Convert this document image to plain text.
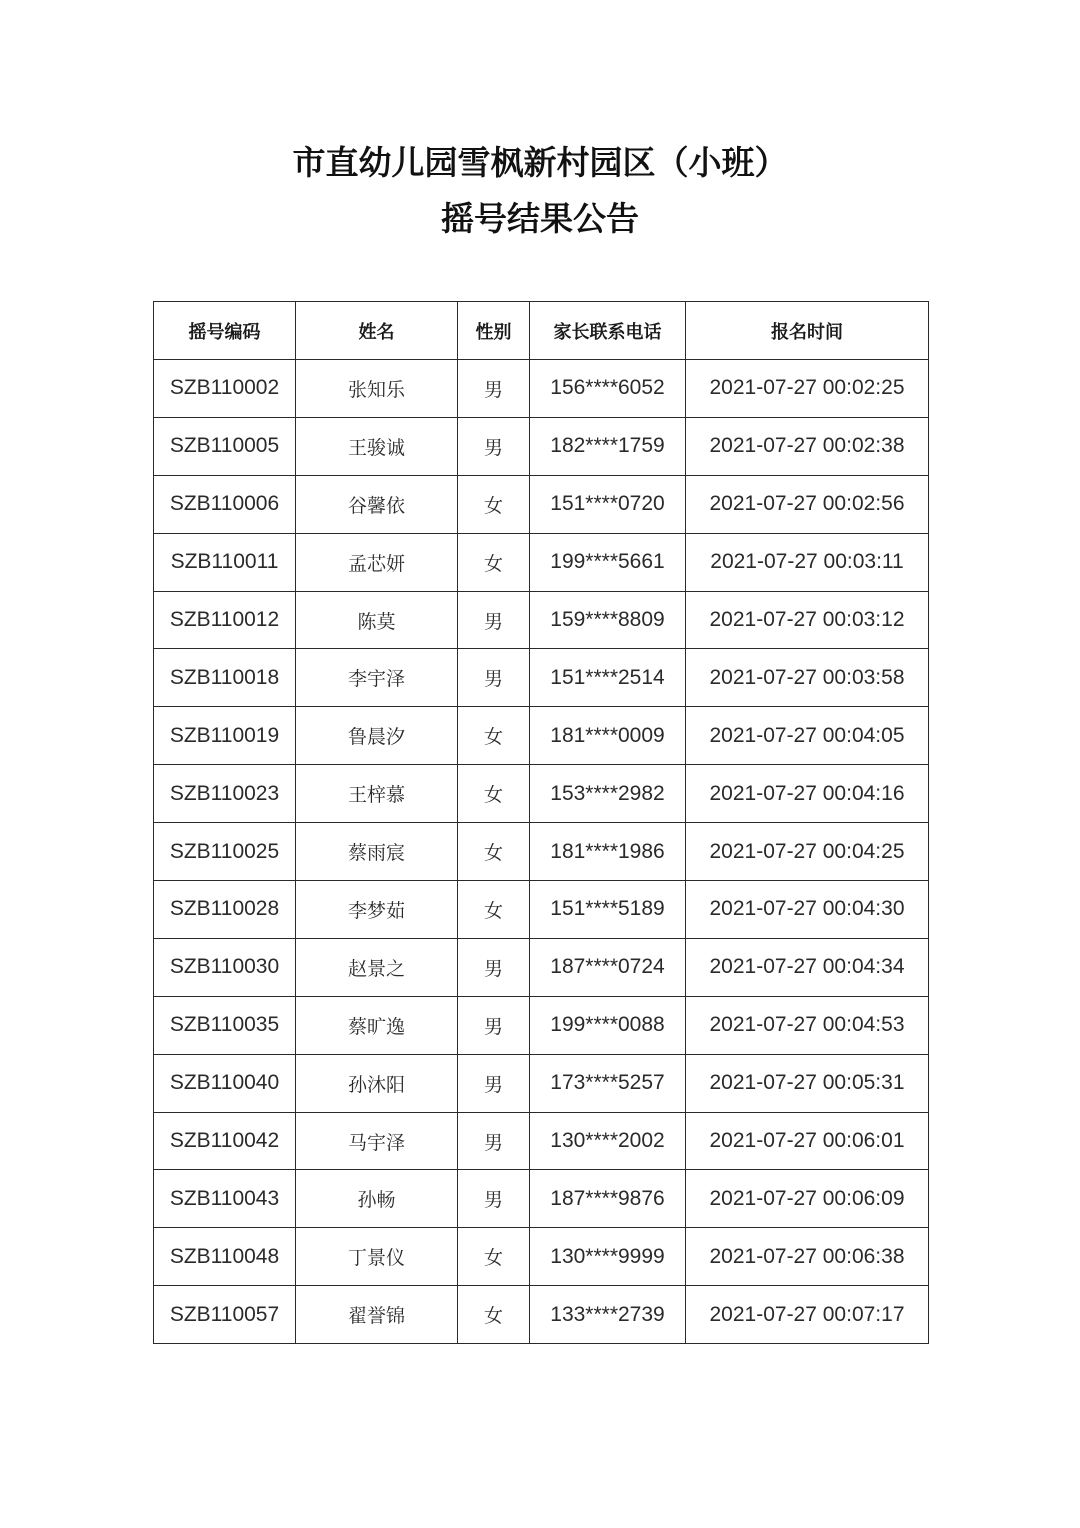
市直幼儿园雪枫新村园区（小班）
摇号结果公告
摇号编码	姓名	性别	家长联系电话	报名时间
SZB110002	张知乐	男	156****6052	2021-07-27 00:02:25
SZB110005	王骏诚	男	182****1759	2021-07-27 00:02:38
SZB110006	谷馨依	女	151****0720	2021-07-27 00:02:56
SZB110011	孟芯妍	女	199****5661	2021-07-27 00:03:11
SZB110012	陈莫	男	159****8809	2021-07-27 00:03:12
SZB110018	李宇泽	男	151****2514	2021-07-27 00:03:58
SZB110019	鲁晨汐	女	181****0009	2021-07-27 00:04:05
SZB110023	王梓慕	女	153****2982	2021-07-27 00:04:16
SZB110025	蔡雨宸	女	181****1986	2021-07-27 00:04:25
SZB110028	李梦茹	女	151****5189	2021-07-27 00:04:30
SZB110030	赵景之	男	187****0724	2021-07-27 00:04:34
SZB110035	蔡旷逸	男	199****0088	2021-07-27 00:04:53
SZB110040	孙沐阳	男	173****5257	2021-07-27 00:05:31
SZB110042	马宇泽	男	130****2002	2021-07-27 00:06:01
SZB110043	孙畅	男	187****9876	2021-07-27 00:06:09
SZB110048	丁景仪	女	130****9999	2021-07-27 00:06:38
SZB110057	翟誉锦	女	133****2739	2021-07-27 00:07:17
